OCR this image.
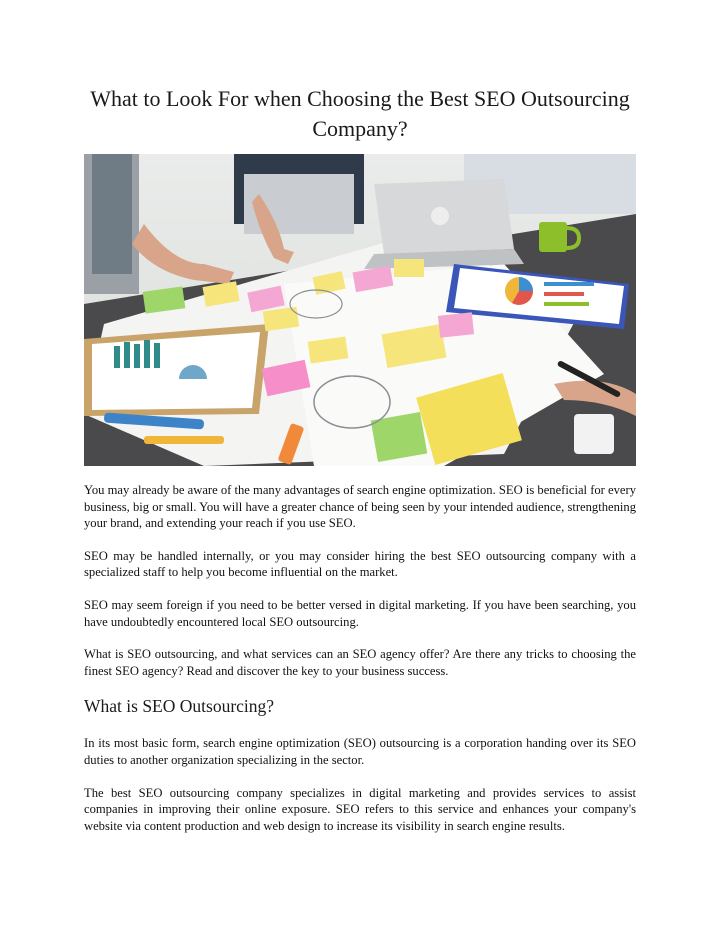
What to Look For when Choosing the Best SEO Outsourcing Company?

You may already be aware of the many advantages of search engine optimization. SEO is beneficial for every business, big or small. You will have a greater chance of being seen by your intended audience, strengthening your brand, and extending your reach if you use SEO.

SEO may be handled internally, or you may consider hiring the best SEO outsourcing company with a specialized staff to help you become influential on the market.

SEO may seem foreign if you need to be better versed in digital marketing. If you have been searching, you have undoubtedly encountered local SEO outsourcing.

What is SEO outsourcing, and what services can an SEO agency offer? Are there any tricks to choosing the finest SEO agency? Read and discover the key to your business success.

What is SEO Outsourcing?

In its most basic form, search engine optimization (SEO) outsourcing is a corporation handing over its SEO duties to another organization specializing in the sector.

The best SEO outsourcing company specializes in digital marketing and provides services to assist companies in improving their online exposure. SEO refers to this service and enhances your company's website via content production and web design to increase its visibility in search engine results.
